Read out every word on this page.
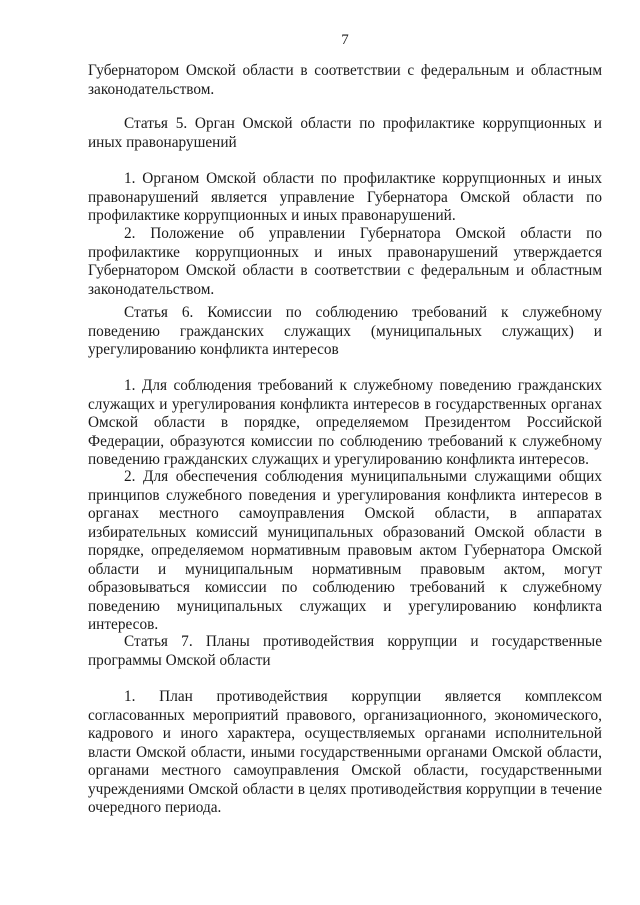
7
Губернатором Омской области в соответствии с федеральным и областным законодательством.
Статья 5. Орган Омской области по профилактике коррупционных и иных правонарушений
1. Органом Омской области по профилактике коррупционных и иных правонарушений является управление Губернатора Омской области по профилактике коррупционных и иных правонарушений.
2. Положение об управлении Губернатора Омской области по профилактике коррупционных и иных правонарушений утверждается Губернатором Омской области в соответствии с федеральным и областным законодательством.
Статья 6. Комиссии по соблюдению требований к служебному поведению гражданских служащих (муниципальных служащих) и урегулированию конфликта интересов
1. Для соблюдения требований к служебному поведению гражданских служащих и урегулирования конфликта интересов в государственных органах Омской области в порядке, определяемом Президентом Российской Федерации, образуются комиссии по соблюдению требований к служебному поведению гражданских служащих и урегулированию конфликта интересов.
2. Для обеспечения соблюдения муниципальными служащими общих принципов служебного поведения и урегулирования конфликта интересов в органах местного самоуправления Омской области, в аппаратах избирательных комиссий муниципальных образований Омской области в порядке, определяемом нормативным правовым актом Губернатора Омской области и муниципальным нормативным правовым актом, могут образовываться комиссии по соблюдению требований к служебному поведению муниципальных служащих и урегулированию конфликта интересов.
Статья 7. Планы противодействия коррупции и государственные программы Омской области
1. План противодействия коррупции является комплексом согласованных мероприятий правового, организационного, экономического, кадрового и иного характера, осуществляемых органами исполнительной власти Омской области, иными государственными органами Омской области, органами местного самоуправления Омской области, государственными учреждениями Омской области в целях противодействия коррупции в течение очередного периода.
